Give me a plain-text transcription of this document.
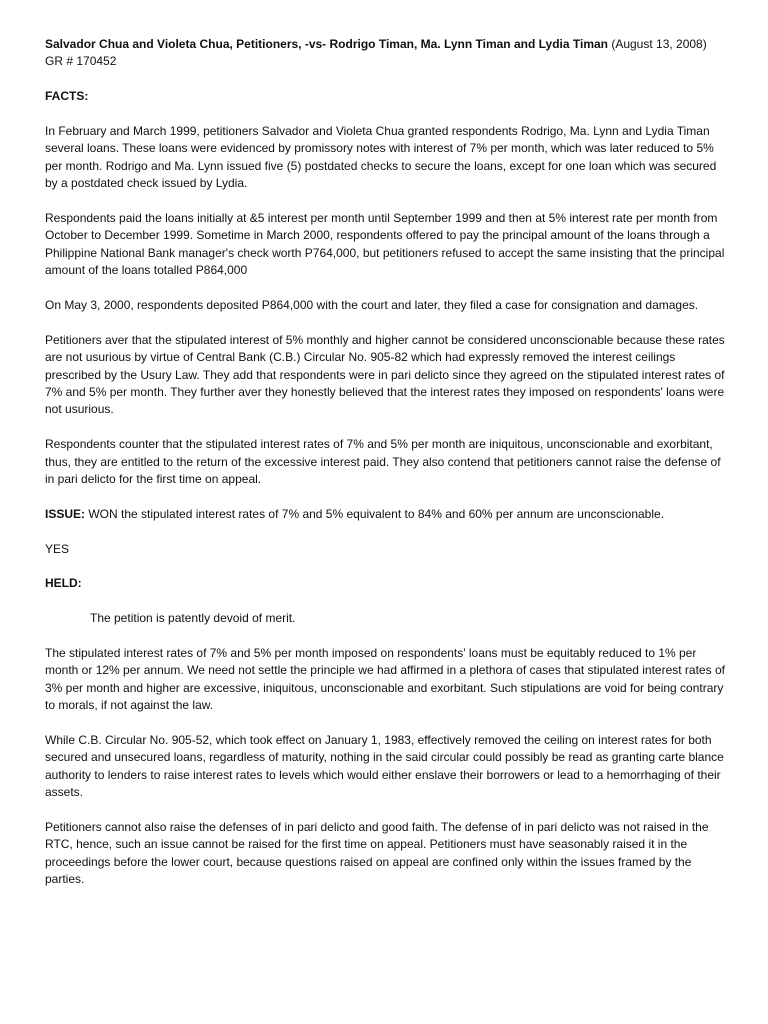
Salvador Chua and Violeta Chua, Petitioners, -vs- Rodrigo Timan, Ma. Lynn Timan and Lydia Timan (August 13, 2008)

GR # 170452

FACTS:

In February and March 1999, petitioners Salvador and Violeta Chua granted respondents Rodrigo, Ma. Lynn and Lydia Timan several loans. These loans were evidenced by promissory notes with interest of 7% per month, which was later reduced to 5% per month. Rodrigo and Ma. Lynn issued five (5) postdated checks to secure the loans, except for one loan which was secured by a postdated check issued by Lydia.

Respondents paid the loans initially at &5 interest per month until September 1999 and then at 5% interest rate per month from October to December 1999. Sometime in March 2000, respondents offered to pay the principal amount of the loans through a Philippine National Bank manager's check worth P764,000, but petitioners refused to accept the same insisting that the principal amount of the loans totalled P864,000

On May 3, 2000, respondents deposited P864,000 with the court and later, they filed a case for consignation and damages.

Petitioners aver that the stipulated interest of 5% monthly and higher cannot be considered unconscionable because these rates are not usurious by virtue of Central Bank (C.B.) Circular No. 905-82 which had expressly removed the interest ceilings prescribed by the Usury Law. They add that respondents were in pari delicto since they agreed on the stipulated interest rates of 7% and 5% per month. They further aver they honestly believed that the interest rates they imposed on respondents' loans were not usurious.

Respondents counter that the stipulated interest rates of 7% and 5% per month are iniquitous, unconscionable and exorbitant, thus, they are entitled to the return of the excessive interest paid. They also contend that petitioners cannot raise the defense of in pari delicto for the first time on appeal.

ISSUE: WON the stipulated interest rates of 7% and 5% equivalent to 84% and 60% per annum are unconscionable.

YES

HELD:

The petition is patently devoid of merit.

The stipulated interest rates of 7% and 5% per month imposed on respondents' loans must be equitably reduced to 1% per month or 12% per annum. We need not settle the principle we had affirmed in a plethora of cases that stipulated interest rates of 3% per month and higher are excessive, iniquitous, unconscionable and exorbitant. Such stipulations are void for being contrary to morals, if not against the law.

While C.B. Circular No. 905-52, which took effect on January 1, 1983, effectively removed the ceiling on interest rates for both secured and unsecured loans, regardless of maturity, nothing in the said circular could possibly be read as granting carte blance authority to lenders to raise interest rates to levels which would either enslave their borrowers or lead to a hemorrhaging of their assets.

Petitioners cannot also raise the defenses of in pari delicto and good faith. The defense of in pari delicto was not raised in the RTC, hence, such an issue cannot be raised for the first time on appeal. Petitioners must have seasonably raised it in the proceedings before the lower court, because questions raised on appeal are confined only within the issues framed by the parties.
